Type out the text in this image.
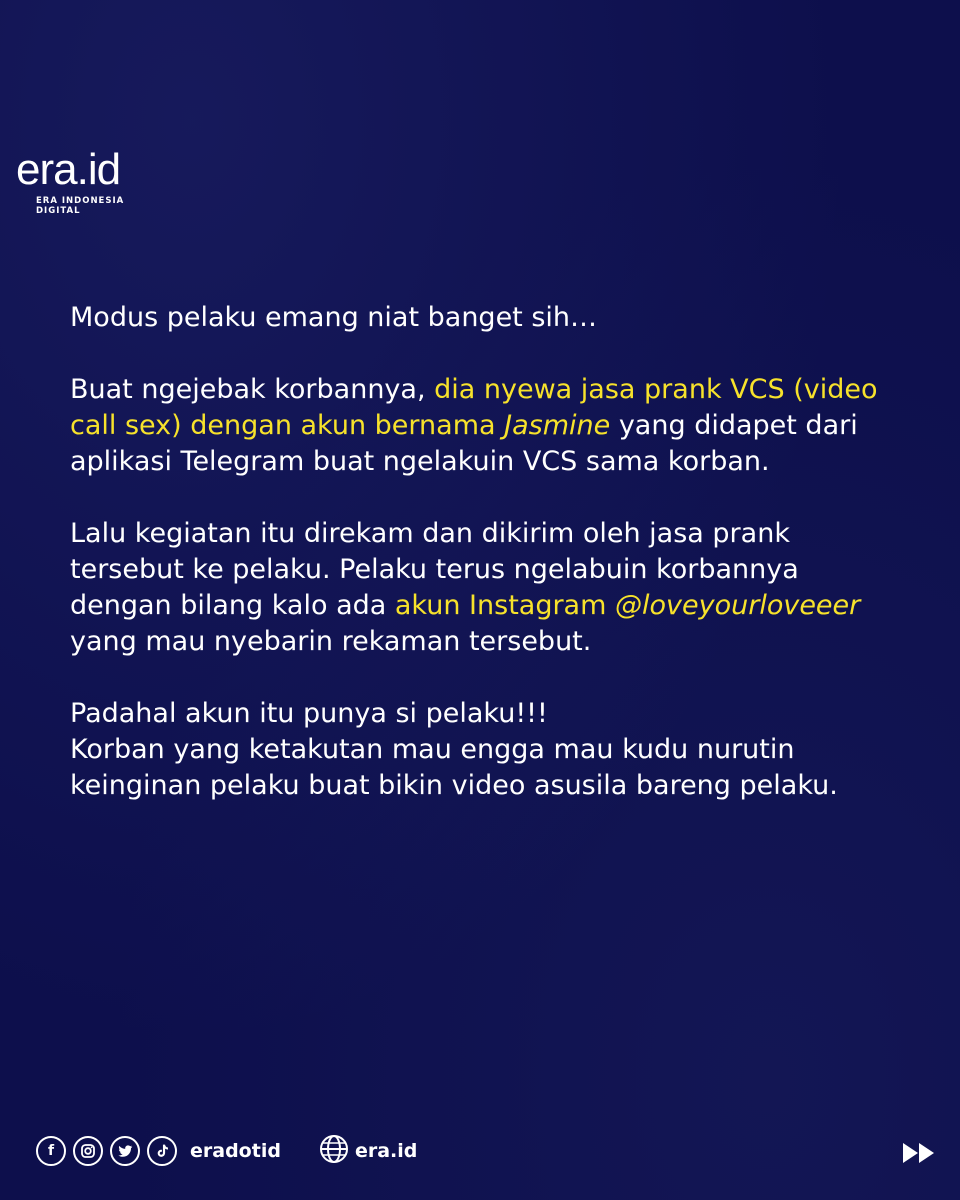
era.id
ERA INDONESIA DIGITAL

Modus pelaku emang niat banget sih…

Buat ngejebak korbannya, dia nyewa jasa prank VCS (video call sex) dengan akun bernama Jasmine yang didapet dari aplikasi Telegram buat ngelakuin VCS sama korban.

Lalu kegiatan itu direkam dan dikirim oleh jasa prank tersebut ke pelaku. Pelaku terus ngelabuin korbannya dengan bilang kalo ada akun Instagram @loveyourloveeer yang mau nyebarin rekaman tersebut.

Padahal akun itu punya si pelaku!!!
Korban yang ketakutan mau engga mau kudu nurutin keinginan pelaku buat bikin video asusila bareng pelaku.

f	eradotid	era.id
